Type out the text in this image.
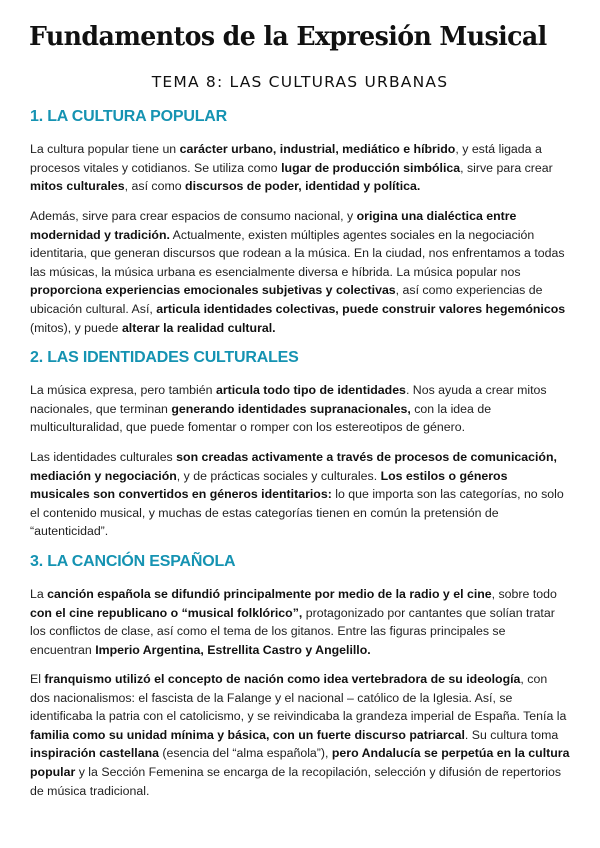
Fundamentos de la Expresión Musical
TEMA 8: LAS CULTURAS URBANAS
1. LA CULTURA POPULAR

La cultura popular tiene un carácter urbano, industrial, mediático e híbrido, y está ligada a procesos vitales y cotidianos. Se utiliza como lugar de producción simbólica, sirve para crear mitos culturales, así como discursos de poder, identidad y política.

Además, sirve para crear espacios de consumo nacional, y origina una dialéctica entre modernidad y tradición. Actualmente, existen múltiples agentes sociales en la negociación identitaria, que generan discursos que rodean a la música. En la ciudad, nos enfrentamos a todas las músicas, la música urbana es esencialmente diversa e híbrida. La música popular nos proporciona experiencias emocionales subjetivas y colectivas, así como experiencias de ubicación cultural. Así, articula identidades colectivas, puede construir valores hegemónicos (mitos), y puede alterar la realidad cultural.

2. LAS IDENTIDADES CULTURALES

La música expresa, pero también articula todo tipo de identidades. Nos ayuda a crear mitos nacionales, que terminan generando identidades supranacionales, con la idea de multiculturalidad, que puede fomentar o romper con los estereotipos de género.

Las identidades culturales son creadas activamente a través de procesos de comunicación, mediación y negociación, y de prácticas sociales y culturales. Los estilos o géneros musicales son convertidos en géneros identitarios: lo que importa son las categorías, no solo el contenido musical, y muchas de estas categorías tienen en común la pretensión de “autenticidad”.

3. LA CANCIÓN ESPAÑOLA

La canción española se difundió principalmente por medio de la radio y el cine, sobre todo con el cine republicano o “musical folklórico”, protagonizado por cantantes que solían tratar los conflictos de clase, así como el tema de los gitanos. Entre las figuras principales se encuentran Imperio Argentina, Estrellita Castro y Angelillo.

El franquismo utilizó el concepto de nación como idea vertebradora de su ideología, con dos nacionalismos: el fascista de la Falange y el nacional – católico de la Iglesia. Así, se identificaba la patria con el catolicismo, y se reivindicaba la grandeza imperial de España. Tenía la familia como su unidad mínima y básica, con un fuerte discurso patriarcal. Su cultura toma inspiración castellana (esencia del “alma española”), pero Andalucía se perpetúa en la cultura popular y la Sección Femenina se encarga de la recopilación, selección y difusión de repertorios de música tradicional.
